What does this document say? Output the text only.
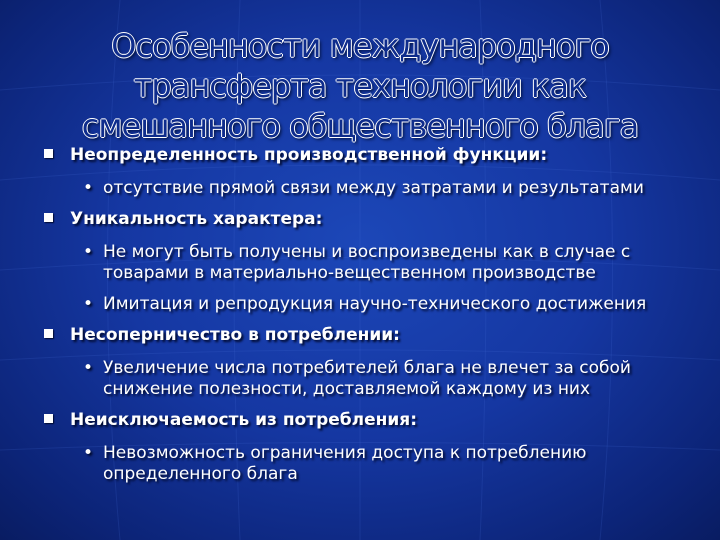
Особенности международного трансферта технологии как смешанного общественного блага
Неопределенность производственной функции:
• отсутствие прямой связи между затратами и результатами
Уникальность характера:
• Не могут быть получены и воспроизведены как в случае с товарами в материально-вещественном производстве
• Имитация и репродукция научно-технического достижения
Несоперничество в потреблении:
• Увеличение числа потребителей блага не влечет за собой снижение полезности, доставляемой каждому из них
Неисключаемость из потребления:
• Невозможность ограничения доступа к потреблению определенного блага
